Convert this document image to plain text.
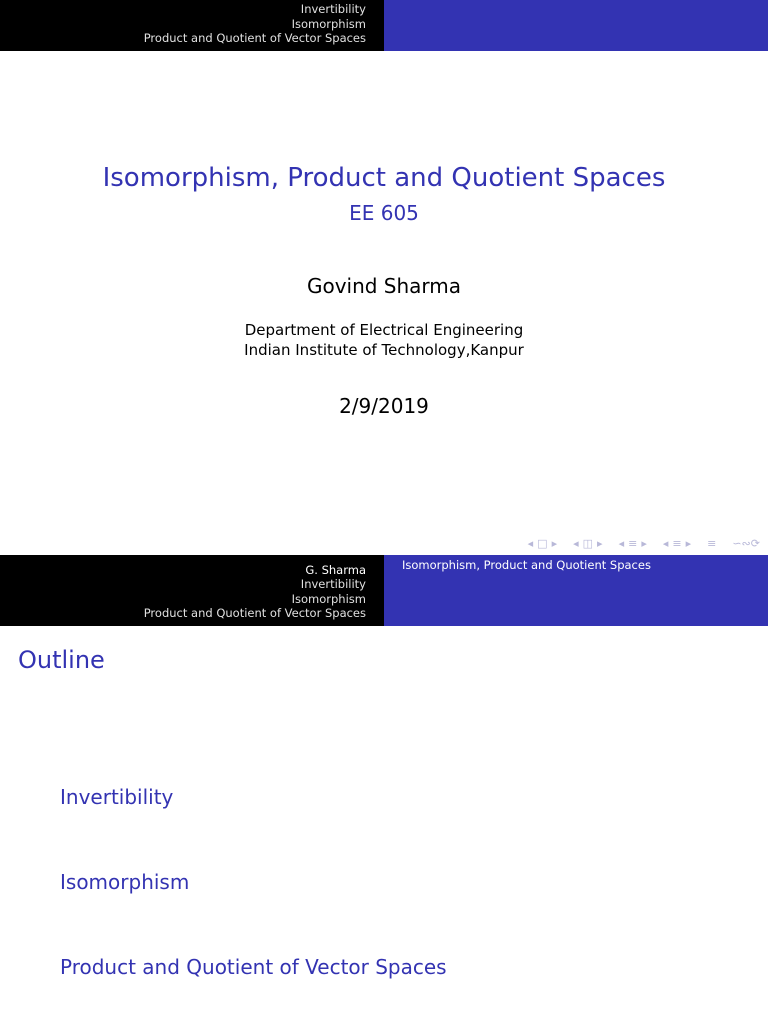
Invertibility
Isomorphism
Product and Quotient of Vector Spaces
Isomorphism, Product and Quotient Spaces
EE 605
Govind Sharma
Department of Electrical Engineering
Indian Institute of Technology,Kanpur
2/9/2019
◂ □ ▸ ◂ ◫ ▸ ◂ ≡ ▸ ◂ ≡ ▸ ≡ ∽∾⟳
G. Sharma
Invertibility
Isomorphism
Product and Quotient of Vector Spaces
Isomorphism, Product and Quotient Spaces
Outline
Invertibility
Isomorphism
Product and Quotient of Vector Spaces
